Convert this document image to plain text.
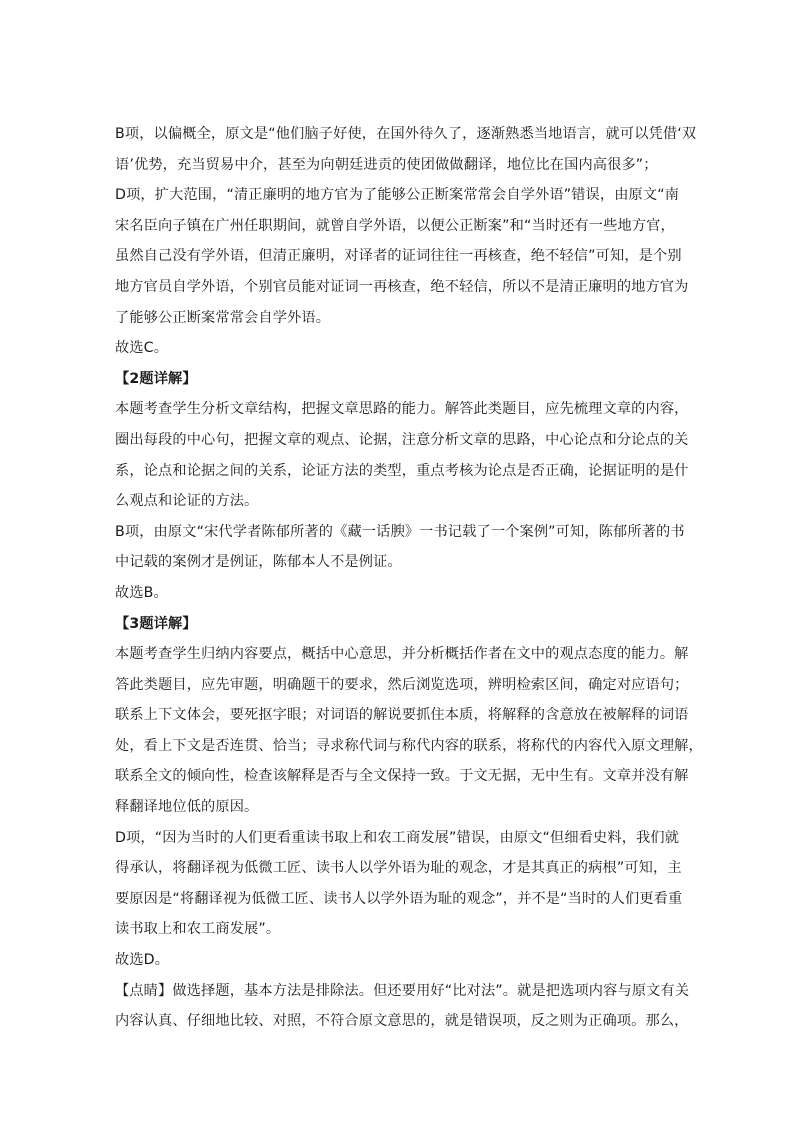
B项，以偏概全，原文是“他们脑子好使，在国外待久了，逐渐熟悉当地语言，就可以凭借‘双
语’优势，充当贸易中介，甚至为向朝廷进贡的使团做做翻译，地位比在国内高很多”；
D项，扩大范围，“清正廉明的地方官为了能够公正断案常常会自学外语”错误，由原文“南
宋名臣向子镇在广州任职期间，就曾自学外语，以便公正断案”和“当时还有一些地方官，
虽然自己没有学外语，但清正廉明，对译者的证词往往一再核查，绝不轻信”可知，是个别
地方官员自学外语，个别官员能对证词一再核查，绝不轻信，所以不是清正廉明的地方官为
了能够公正断案常常会自学外语。
故选C。
【2题详解】
本题考查学生分析文章结构，把握文章思路的能力。解答此类题目，应先梳理文章的内容，
圈出每段的中心句，把握文章的观点、论据，注意分析文章的思路，中心论点和分论点的关
系，论点和论据之间的关系，论证方法的类型，重点考核为论点是否正确，论据证明的是什
么观点和论证的方法。
B项，由原文“宋代学者陈郁所著的《藏一话腴》一书记载了一个案例”可知，陈郁所著的书
中记载的案例才是例证，陈郁本人不是例证。
故选B。
【3题详解】
本题考查学生归纳内容要点，概括中心意思，并分析概括作者在文中的观点态度的能力。解
答此类题目，应先审题，明确题干的要求，然后浏览选项，辨明检索区间，确定对应语句；
联系上下文体会，要死抠字眼；对词语的解说要抓住本质，将解释的含意放在被解释的词语
处，看上下文是否连贯、恰当；寻求称代词与称代内容的联系，将称代的内容代入原文理解，
联系全文的倾向性，检查该解释是否与全文保持一致。于文无据，无中生有。文章并没有解
释翻译地位低的原因。
D项，“因为当时的人们更看重读书取上和农工商发展”错误，由原文“但细看史料，我们就
得承认，将翻译视为低微工匠、读书人以学外语为耻的观念，才是其真正的病根”可知，主
要原因是“将翻译视为低微工匠、读书人以学外语为耻的观念”，并不是“当时的人们更看重
读书取上和农工商发展”。
故选D。
【点睛】做选择题，基本方法是排除法。但还要用好“比对法”。就是把选项内容与原文有关
内容认真、仔细地比较、对照，不符合原文意思的，就是错误项，反之则为正确项。那么，
